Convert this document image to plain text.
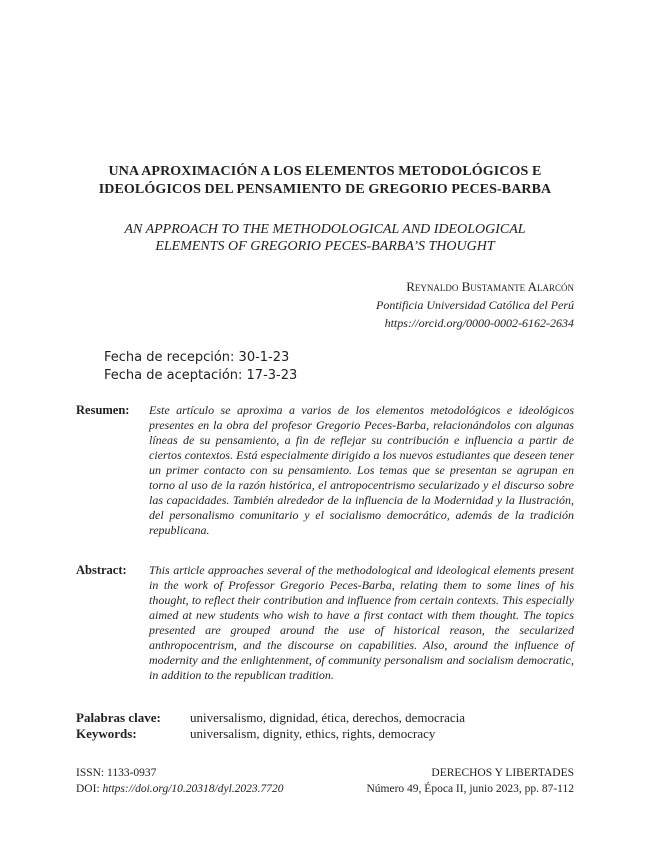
UNA APROXIMACIÓN A LOS ELEMENTOS METODOLÓGICOS E
IDEOLÓGICOS DEL PENSAMIENTO DE GREGORIO PECES-BARBA
AN APPROACH TO THE METHODOLOGICAL AND IDEOLOGICAL
ELEMENTS OF GREGORIO PECES-BARBA’S THOUGHT
Reynaldo Bustamante Alarcón
Pontificia Universidad Católica del Perú
https://orcid.org/0000-0002-6162-2634
Fecha de recepción: 30-1-23
Fecha de aceptación: 17-3-23
Resumen: Este artículo se aproxima a varios de los elementos metodológicos e ideológicos presentes en la obra del profesor Gregorio Peces-Barba, relacionándolos con algunas líneas de su pensamiento, a fin de reflejar su contribución e influencia a partir de ciertos contextos. Está especialmente dirigido a los nuevos estudiantes que deseen tener un primer contacto con su pensamiento. Los temas que se presentan se agrupan en torno al uso de la razón histórica, el antropocentrismo secularizado y el discurso sobre las capacidades. También alrededor de la influencia de la Modernidad y la Ilustración, del personalismo comunitario y el socialismo democrático, además de la tradición republicana.
Abstract: This article approaches several of the methodological and ideological elements present in the work of Professor Gregorio Peces-Barba, relating them to some lines of his thought, to reflect their contribution and influence from certain contexts. This especially aimed at new students who wish to have a first contact with them thought. The topics presented are grouped around the use of historical reason, the secularized anthropocentrism, and the discourse on capabilities. Also, around the influence of modernity and the enlightenment, of community personalism and socialism democratic, in addition to the republican tradition.
Palabras clave: universalismo, dignidad, ética, derechos, democracia
Keywords:	universalism, dignity, ethics, rights, democracy
ISSN: 1133-0937
DOI: https://doi.org/10.20318/dyl.2023.7720
DERECHOS Y LIBERTADES
Número 49, Época II, junio 2023, pp. 87-112
